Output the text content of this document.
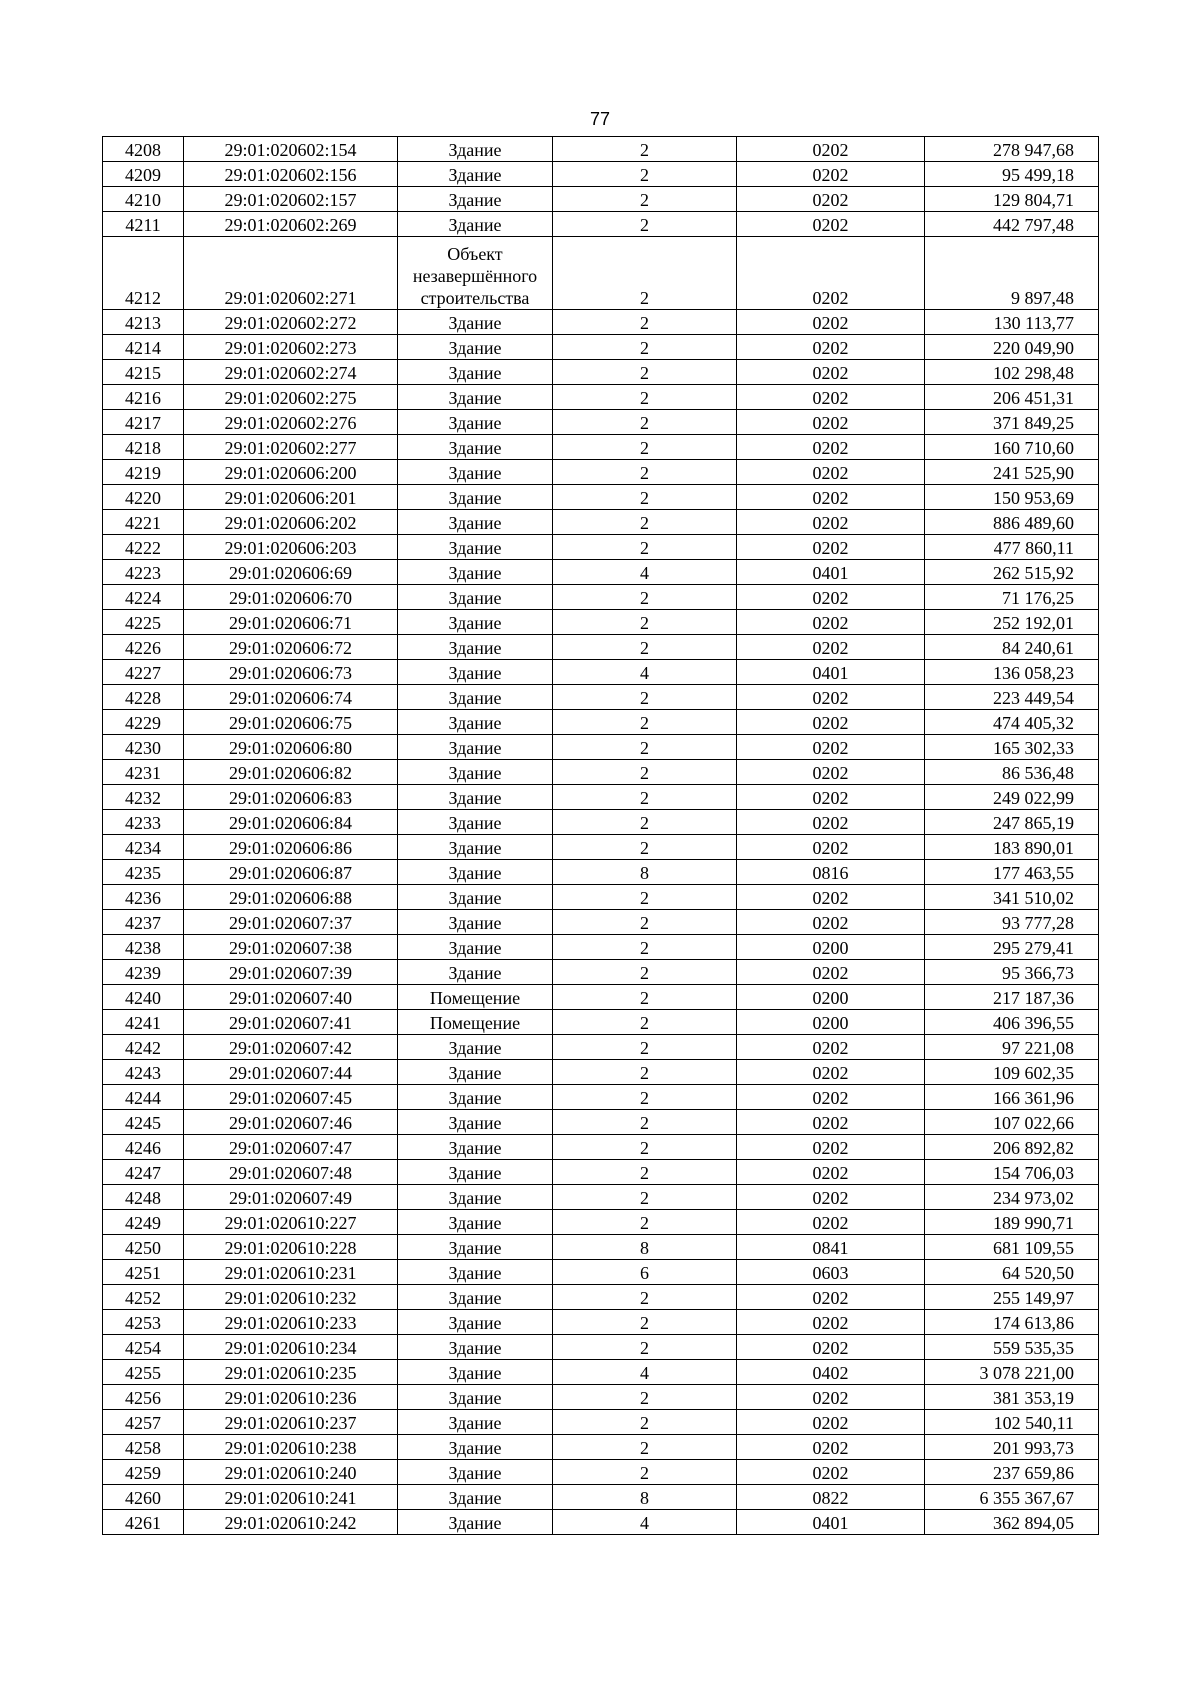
77
4208	29:01:020602:154	Здание	2	0202	278 947,68
4209	29:01:020602:156	Здание	2	0202	95 499,18
4210	29:01:020602:157	Здание	2	0202	129 804,71
4211	29:01:020602:269	Здание	2	0202	442 797,48
4212	29:01:020602:271	Объект незавершённого строительства	2	0202	9 897,48
4213	29:01:020602:272	Здание	2	0202	130 113,77
4214	29:01:020602:273	Здание	2	0202	220 049,90
4215	29:01:020602:274	Здание	2	0202	102 298,48
4216	29:01:020602:275	Здание	2	0202	206 451,31
4217	29:01:020602:276	Здание	2	0202	371 849,25
4218	29:01:020602:277	Здание	2	0202	160 710,60
4219	29:01:020606:200	Здание	2	0202	241 525,90
4220	29:01:020606:201	Здание	2	0202	150 953,69
4221	29:01:020606:202	Здание	2	0202	886 489,60
4222	29:01:020606:203	Здание	2	0202	477 860,11
4223	29:01:020606:69	Здание	4	0401	262 515,92
4224	29:01:020606:70	Здание	2	0202	71 176,25
4225	29:01:020606:71	Здание	2	0202	252 192,01
4226	29:01:020606:72	Здание	2	0202	84 240,61
4227	29:01:020606:73	Здание	4	0401	136 058,23
4228	29:01:020606:74	Здание	2	0202	223 449,54
4229	29:01:020606:75	Здание	2	0202	474 405,32
4230	29:01:020606:80	Здание	2	0202	165 302,33
4231	29:01:020606:82	Здание	2	0202	86 536,48
4232	29:01:020606:83	Здание	2	0202	249 022,99
4233	29:01:020606:84	Здание	2	0202	247 865,19
4234	29:01:020606:86	Здание	2	0202	183 890,01
4235	29:01:020606:87	Здание	8	0816	177 463,55
4236	29:01:020606:88	Здание	2	0202	341 510,02
4237	29:01:020607:37	Здание	2	0202	93 777,28
4238	29:01:020607:38	Здание	2	0200	295 279,41
4239	29:01:020607:39	Здание	2	0202	95 366,73
4240	29:01:020607:40	Помещение	2	0200	217 187,36
4241	29:01:020607:41	Помещение	2	0200	406 396,55
4242	29:01:020607:42	Здание	2	0202	97 221,08
4243	29:01:020607:44	Здание	2	0202	109 602,35
4244	29:01:020607:45	Здание	2	0202	166 361,96
4245	29:01:020607:46	Здание	2	0202	107 022,66
4246	29:01:020607:47	Здание	2	0202	206 892,82
4247	29:01:020607:48	Здание	2	0202	154 706,03
4248	29:01:020607:49	Здание	2	0202	234 973,02
4249	29:01:020610:227	Здание	2	0202	189 990,71
4250	29:01:020610:228	Здание	8	0841	681 109,55
4251	29:01:020610:231	Здание	6	0603	64 520,50
4252	29:01:020610:232	Здание	2	0202	255 149,97
4253	29:01:020610:233	Здание	2	0202	174 613,86
4254	29:01:020610:234	Здание	2	0202	559 535,35
4255	29:01:020610:235	Здание	4	0402	3 078 221,00
4256	29:01:020610:236	Здание	2	0202	381 353,19
4257	29:01:020610:237	Здание	2	0202	102 540,11
4258	29:01:020610:238	Здание	2	0202	201 993,73
4259	29:01:020610:240	Здание	2	0202	237 659,86
4260	29:01:020610:241	Здание	8	0822	6 355 367,67
4261	29:01:020610:242	Здание	4	0401	362 894,05
